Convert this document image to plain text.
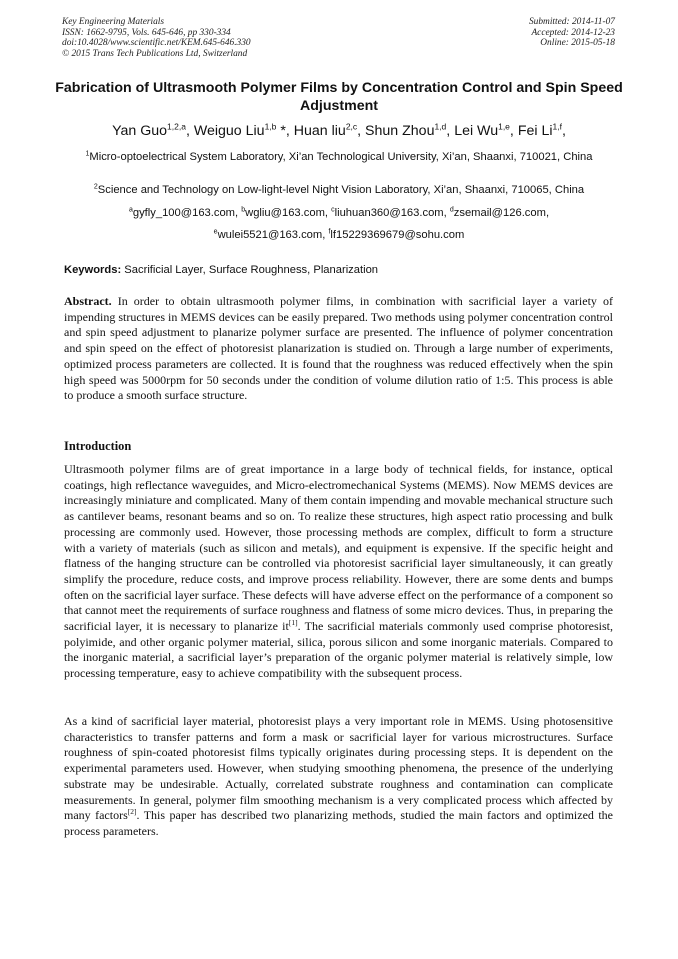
Key Engineering Materials
ISSN: 1662-9795, Vols. 645-646, pp 330-334
doi:10.4028/www.scientific.net/KEM.645-646.330
© 2015 Trans Tech Publications Ltd, Switzerland
Submitted: 2014-11-07
Accepted: 2014-12-23
Online: 2015-05-18
Fabrication of Ultrasmooth Polymer Films by Concentration Control and Spin Speed Adjustment
Yan Guo$^{1,2,a}$, Weiguo Liu$^{1,b}$ *, Huan liu$^{2,c}$, Shun Zhou$^{1,d}$, Lei Wu$^{1,e}$, Fei Li$^{1,f}$,
$^1$Micro-optoelectrical System Laboratory, Xi’an Technological University, Xi’an, Shaanxi, 710021, China
$^2$Science and Technology on Low-light-level Night Vision Laboratory, Xi’an, Shaanxi, 710065, China
$^a$gyfly_100@163.com, $^b$wgliu@163.com, $^c$liuhuan360@163.com, $^d$zsemail@126.com,
$^e$wulei5521@163.com, $^f$lf15229369679@sohu.com
Keywords: Sacrificial Layer, Surface Roughness, Planarization

Abstract. In order to obtain ultrasmooth polymer films, in combination with sacrificial layer a variety of impending structures in MEMS devices can be easily prepared. Two methods using polymer concentration control and spin speed adjustment to planarize polymer surface are presented. The influence of polymer concentration and spin speed on the effect of photoresist planarization is studied on. Through a large number of experiments, optimized process parameters are collected. It is found that the roughness was reduced effectively when the spin high speed was 5000rpm for 50 seconds under the condition of volume dilution ratio of 1:5. This process is able to produce a smooth surface structure.

Introduction

Ultrasmooth polymer films are of great importance in a large body of technical fields, for instance, optical coatings, high reflectance waveguides, and Micro-electromechanical Systems (MEMS). Now MEMS devices are increasingly miniature and complicated. Many of them contain impending and movable mechanical structure such as cantilever beams, resonant beams and so on. To realize these structures, high aspect ratio processing and bulk processing are commonly used. However, those processing methods are complex, difficult to form a structure with a variety of materials (such as silicon and metals), and equipment is expensive. If the specific height and flatness of the hanging structure can be controlled via photoresist sacrificial layer simultaneously, it can greatly simplify the procedure, reduce costs, and improve process reliability. However, there are some dents and bumps often on the sacrificial layer surface. These defects will have adverse effect on the performance of a component so that cannot meet the requirements of surface roughness and flatness of some micro devices. Thus, in preparing the sacrificial layer, it is necessary to planarize it[1]. The sacrificial materials commonly used comprise photoresist, polyimide, and other organic polymer material, silica, porous silicon and some inorganic materials. Compared to the inorganic material, a sacrificial layer’s preparation of the organic polymer material is relatively simple, low processing temperature, easy to achieve compatibility with the subsequent process.

As a kind of sacrificial layer material, photoresist plays a very important role in MEMS. Using photosensitive characteristics to transfer patterns and form a mask or sacrificial layer for various microstructures. Surface roughness of spin-coated photoresist films typically originates during processing steps. It is dependent on the experimental parameters used. However, when studying smoothing phenomena, the presence of the underlying substrate may be undesirable. Actually, correlated substrate roughness and contamination can complicate measurements. In general, polymer film smoothing mechanism is a very complicated process which affected by many factors[2]. This paper has described two planarizing methods, studied the main factors and optimized the process parameters.
